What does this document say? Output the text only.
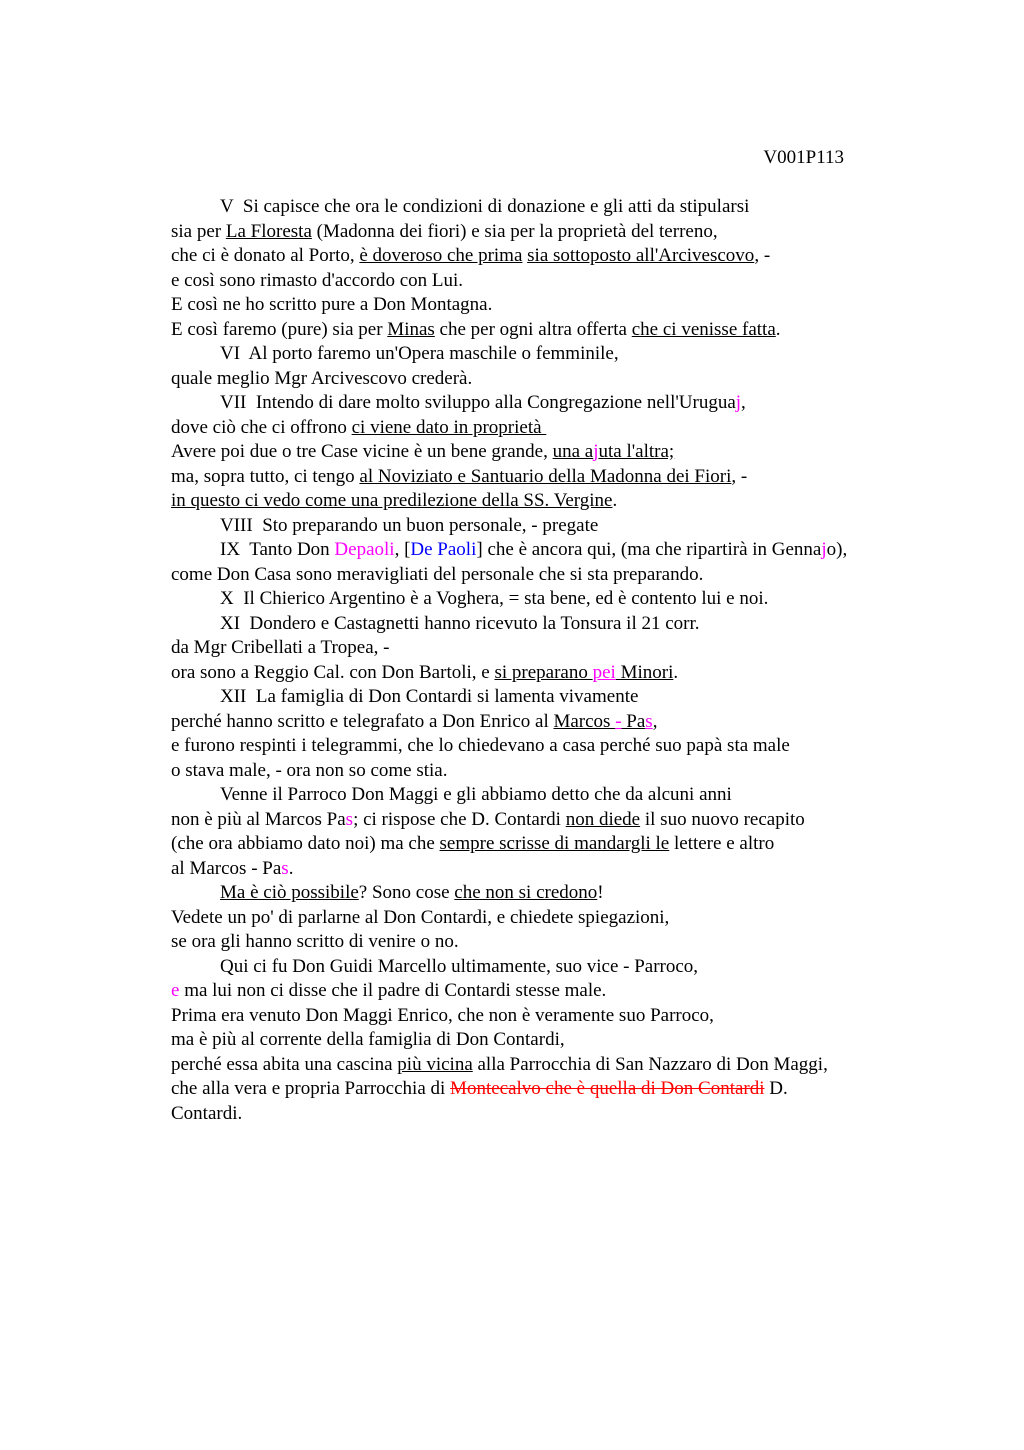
V001P113
V  Si capisce che ora le condizioni di donazione e gli atti da stipularsi
sia per La Floresta (Madonna dei fiori) e sia per la proprietà del terreno,
che ci è donato al Porto, è doveroso che prima sia sottoposto all'Arcivescovo, -
e così sono rimasto d'accordo con Lui.
E così ne ho scritto pure a Don Montagna.
E così faremo (pure) sia per Minas che per ogni altra offerta che ci venisse fatta.
VI  Al porto faremo un'Opera maschile o femminile,
quale meglio Mgr Arcivescovo crederà.
VII  Intendo di dare molto sviluppo alla Congregazione nell'Uruguaj,
dove ciò che ci offrono ci viene dato in proprietà
Avere poi due o tre Case vicine è un bene grande, una ajuta l'altra;
ma, sopra tutto, ci tengo al Noviziato e Santuario della Madonna dei Fiori, -
in questo ci vedo come una predilezione della SS. Vergine.
VIII  Sto preparando un buon personale, - pregate
IX  Tanto Don Depaoli, [De Paoli] che è ancora qui, (ma che ripartirà in Gennajo),
come Don Casa sono meravigliati del personale che si sta preparando.
X  Il Chierico Argentino è a Voghera, = sta bene, ed è contento lui e noi.
XI  Dondero e Castagnetti hanno ricevuto la Tonsura il 21 corr.
da Mgr Cribellati a Tropea, -
ora sono a Reggio Cal. con Don Bartoli, e si preparano pei Minori.
XII  La famiglia di Don Contardi si lamenta vivamente
perché hanno scritto e telegrafato a Don Enrico al Marcos - Pas,
e furono respinti i telegrammi, che lo chiedevano a casa perché suo papà sta male
o stava male, - ora non so come stia.
Venne il Parroco Don Maggi e gli abbiamo detto che da alcuni anni
non è più al Marcos Pas; ci rispose che D. Contardi non diede il suo nuovo recapito
(che ora abbiamo dato noi) ma che sempre scrisse di mandargli le lettere e altro
al Marcos - Pas.
Ma è ciò possibile? Sono cose che non si credono!
Vedete un po' di parlarne al Don Contardi, e chiedete spiegazioni,
se ora gli hanno scritto di venire o no.
Qui ci fu Don Guidi Marcello ultimamente, suo vice - Parroco,
e ma lui non ci disse che il padre di Contardi stesse male.
Prima era venuto Don Maggi Enrico, che non è veramente suo Parroco,
ma è più al corrente della famiglia di Don Contardi,
perché essa abita una cascina più vicina alla Parrocchia di San Nazzaro di Don Maggi,
che alla vera e propria Parrocchia di Montecalvo che è quella di Don Contardi D.
Contardi.
